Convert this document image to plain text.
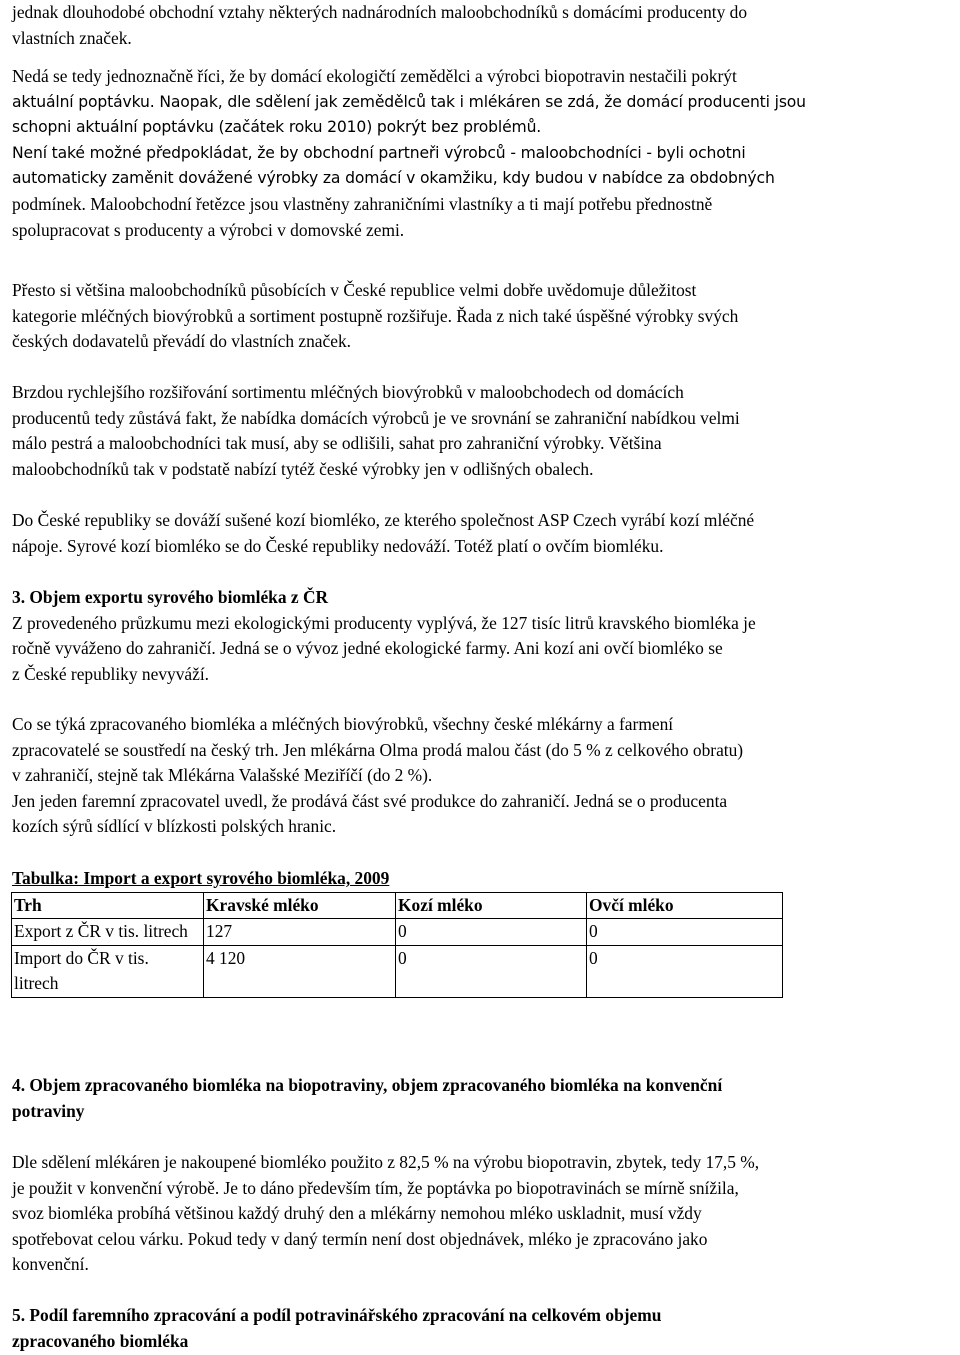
jednak dlouhodobé obchodní vztahy některých nadnárodních maloobchodníků s domácími producenty do
vlastních značek.

Nedá se tedy jednoznačně říci, že by domácí ekologičtí zemědělci a výrobci biopotravin nestačili pokrýt

aktuální poptávku. Naopak, dle sdělení jak zemědělců tak i mlékáren se zdá, že domácí producenti jsou
schopni aktuální poptávku (začátek roku 2010) pokrýt bez problémů.
Není také možné předpokládat, že by obchodní partneři výrobců - maloobchodníci - byli ochotni
automaticky zaměnit dovážené výrobky za domácí v okamžiku, kdy budou v nabídce za obdobných

podmínek. Maloobchodní řetězce jsou vlastněny zahraničními vlastníky a ti mají potřebu přednostně
spolupracovat s producenty a výrobci v domovské zemi.

Přesto si většina maloobchodníků působících v České republice velmi dobře uvědomuje důležitost
kategorie mléčných biovýrobků a sortiment postupně rozšiřuje. Řada z nich také úspěšné výrobky svých
českých dodavatelů převádí do vlastních značek.

Brzdou rychlejšího rozšiřování sortimentu mléčných biovýrobků v maloobchodech od domácích
producentů tedy zůstává fakt, že nabídka domácích výrobců je ve srovnání se zahraniční nabídkou velmi
málo pestrá a maloobchodníci tak musí, aby se odlišili, sahat pro zahraniční výrobky. Většina
maloobchodníků tak v podstatě nabízí tytéž české výrobky jen v odlišných obalech.

Do České republiky se dováží sušené kozí biomléko, ze kterého společnost ASP Czech vyrábí kozí mléčné
nápoje. Syrové kozí biomléko se do České republiky nedováží. Totéž platí o ovčím biomléku.

3. Objem exportu syrového biomléka z ČR
Z provedeného průzkumu mezi ekologickými producenty vyplývá, že 127 tisíc litrů kravského biomléka je
ročně vyváženo do zahraničí. Jedná se o vývoz jedné ekologické farmy. Ani kozí ani ovčí biomléko se
z České republiky nevyváží.

Co se týká zpracovaného biomléka a mléčných biovýrobků, všechny české mlékárny a farmení
zpracovatelé se soustředí na český trh. Jen mlékárna Olma prodá malou část (do 5 % z celkového obratu)
v zahraničí, stejně tak Mlékárna Valašské Meziříčí (do 2 %).
Jen jeden faremní zpracovatel uvedl, že prodává část své produkce do zahraničí. Jedná se o producenta
kozích sýrů sídlící v blízkosti polských hranic.

Tabulka: Import a export syrového biomléka, 2009

Trh	Kravské mléko	Kozí mléko	Ovčí mléko
Export z ČR v tis. litrech	127	0	0
Import do ČR v tis. litrech	4 120	0	0

4. Objem zpracovaného biomléka na biopotraviny, objem zpracovaného biomléka na konvenční
potraviny

Dle sdělení mlékáren je nakoupené biomléko použito z 82,5 % na výrobu biopotravin, zbytek, tedy 17,5 %,
je použit v konvenční výrobě. Je to dáno především tím, že poptávka po biopotravinách se mírně snížila,
svoz biomléka probíhá většinou každý druhý den a mlékárny nemohou mléko uskladnit, musí vždy
spotřebovat celou várku. Pokud tedy v daný termín není dost objednávek, mléko je zpracováno jako
konvenční.

5. Podíl faremního zpracování a podíl potravinářského zpracování na celkovém objemu
zpracovaného biomléka
